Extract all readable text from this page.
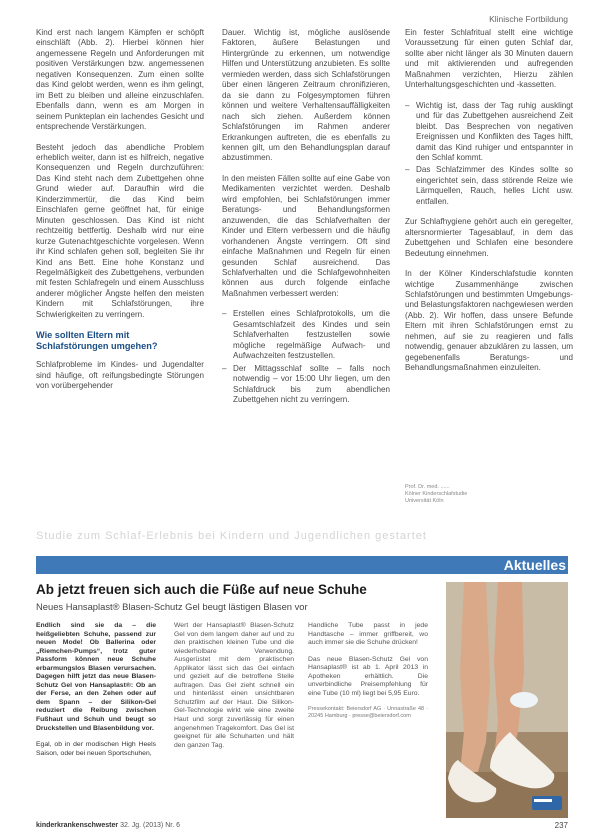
Klinische Fortbildung

Kind erst nach langem Kämpfen er schöpft einschläft (Abb. 2). Hierbei können hier angemessene Regeln und Anforderungen mit positiven Verstärkungen bzw. angemessenen negativen Konsequenzen. Zum einen sollte das Kind gelobt werden, wenn es ihm gelingt, im Bett zu bleiben und alleine einzuschlafen. Ebenfalls dann, wenn es am Morgen in seinem Punkteplan ein lachendes Gesicht und entsprechende Verstärkungen.

Besteht jedoch das abendliche Problem erheblich weiter, dann ist es hilfreich, negative Konsequenzen und Regeln durchzuführen: Das Kind steht nach dem Zubettgehen ohne Grund wieder auf. Daraufhin wird die Kinderzimmertür, die das Kind beim Einschlafen gerne geöffnet hat, für einige Minuten geschlossen. Das Kind ist nicht rechtzeitig bettfertig. Deshalb wird nur eine kurze Gutenachtgeschichte vorgelesen. Wenn ihr Kind schlafen gehen soll, begleiten Sie ihr Kind ans Bett. Eine hohe Konstanz und Regelmäßigkeit des Zubettgehens, verbunden mit festen Schlafregeln und einem Ausschluss anderer möglicher Ängste helfen den meisten Kindern mit Schlafstörungen, ihre Schwierigkeiten zu verringern.

Wie sollten Eltern mit Schlafstörungen umgehen?

Schlafprobleme im Kindes- und Jugendalter sind häufige, oft reifungsbedingte Störungen von vorübergehender

Dauer. Wichtig ist, mögliche auslösende Faktoren, äußere Belastungen und Hintergründe zu erkennen, um notwendige Hilfen und Unterstützung anzubieten. Es sollte vermieden werden, dass sich Schlafstörungen über einen längeren Zeitraum chronifizieren, da sie dann zu Folgesymptomen führen können und weitere Verhaltensauffälligkeiten nach sich ziehen. Außerdem können Schlafstörungen im Rahmen anderer Erkrankungen auftreten, die es ebenfalls zu kennen gilt, um den Behandlungsplan darauf abzustimmen.

In den meisten Fällen sollte auf eine Gabe von Medikamenten verzichtet werden. Deshalb wird empfohlen, bei Schlafstörungen immer Beratungs- und Behandlungsformen anzuwenden, die das Schlafverhalten der Kinder und Eltern verbessern und die häufig vorhandenen Ängste verringern. Oft sind einfache Maßnahmen und Regeln für einen gesunden Schlaf ausreichend. Das Schlafverhalten und die Schlafgewohnheiten können aus durch folgende einfache Maßnahmen verbessert werden:

– Erstellen eines Schlafprotokolls, um die Gesamtschlafzeit des Kindes und sein Schlafverhalten festzustellen sowie mögliche regelmäßige Aufwach- und Aufwachzeiten festzustellen.
– Der Mittagsschlaf sollte – falls noch notwendig – vor 15:00 Uhr liegen, um den Schlafdruck bis zum abendlichen Zubettgehen nicht zu verringern.

Ein fester Schlafritual stellt eine wichtige Voraussetzung für einen guten Schlaf dar, sollte aber nicht länger als 30 Minuten dauern und mit aktivierenden und aufregenden Maßnahmen verzichten, Hierzu zählen Unterhaltungsgeschichten und -kassetten.

– Wichtig ist, dass der Tag ruhig ausklingt und für das Zubettgehen ausreichend Zeit bleibt. Das Besprechen von negativen Ereignissen und Konflikten des Tages hilft, damit das Kind ruhiger und entspannter in den Schlaf kommt.
– Das Schlafzimmer des Kindes sollte so eingerichtet sein, dass störende Reize wie Lärmquellen, Rauch, helles Licht usw. entfallen.

Zur Schlafhygiene gehört auch ein geregelter, altersnormierter Tagesablauf, in dem das Zubettgehen und Schlafen eine besondere Bedeutung einnehmen.

In der Kölner Kinderschlafstudie konnten wichtige Zusammenhänge zwischen Schlafstörungen und bestimmten Umgebungs- und Belastungsfaktoren nachgewiesen werden (Abb. 2). Wir hoffen, dass unsere Befunde Eltern mit ihren Schlafstörungen ernst zu nehmen, auf sie zu reagieren und falls notwendig, genauer abzuklären zu lassen, um gegebenenfalls Beratungs- und Behandlungsmaßnahmen einzuleiten.

Prof. Dr. med. ......
Kölner Kinderschlafstudie
Universität Köln
Studie zum Schlaf-Erlebnis bei Kindern und Jugendlichen gestartet
Aktuelles
Ab jetzt freuen sich auch die Füße auf neue Schuhe
Neues Hansaplast® Blasen-Schutz Gel beugt lästigen Blasen vor

Endlich sind sie da – die heißgeliebten Schuhe, passend zur neuen Mode! Ob Ballerina oder „Riemchen-Pumps“, trotz guter Passform können neue Schuhe erbarmungslos Blasen verursachen. Dagegen hilft jetzt das neue Blasen-Schutz Gel von Hansaplast®: Ob an der Ferse, an den Zehen oder auf dem Spann – der Silikon-Gel reduziert die Reibung zwischen Fußhaut und Schuh und beugt so Druckstellen und Blasenbildung vor.

Egal, ob in der modischen High Heels Saison, oder bei neuen Sportschuhen,

Wert der Hansaplast® Blasen-Schutz Gel von dem langem daher auf und zu den praktischen kleinen Tube und die wiederholbare Verwendung. Ausgerüstet mit dem praktischen Applikator lässt sich das Gel einfach und gezielt auf die betroffene Stelle auftragen. Das Gel zieht schnell ein und hinterlässt einen unsichtbaren Schutzfilm auf der Haut. Die Silikon-Gel-Technologie wirkt wie eine zweite Haut und sorgt zuverlässig für einen angenehmen Tragekomfort. Das Gel ist geeignet für alle Schuharten und hält den ganzen Tag.

Handliche Tube passt in jede Handtasche – immer griffbereit, wo auch immer sie die Schuhe drücken!

Das neue Blasen-Schutz Gel von Hansaplast® ist ab 1. April 2013 in Apotheken erhältlich. Die unverbindliche Preisempfehlung für eine Tube (10 ml) liegt bei 5,95 Euro.

Pressekontakt: Beiersdorf AG · Unnastraße 48 · 20245 Hamburg · presse@beiersdorf.com
kinderkrankenschwester 32. Jg. (2013) Nr. 6	237
